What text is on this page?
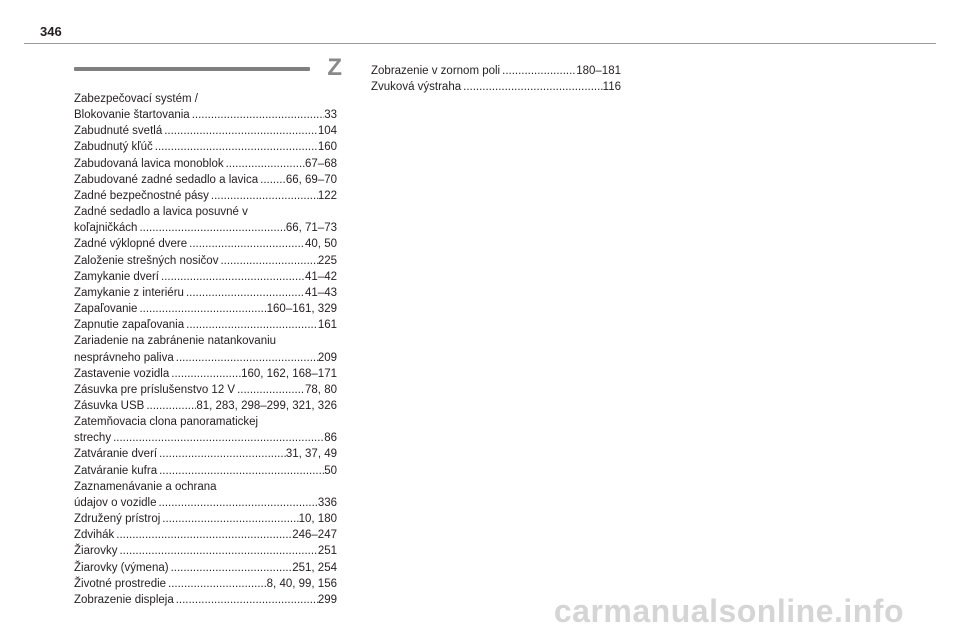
346
Z
Zabezpečovací systém /
Blokovanie štartovania . . .	33
Zabudnuté svetlá . . .	104
Zabudnutý kľúč . . .	160
Zabudovaná lavica monoblok . . .	67–68
Zabudované zadné sedadlo a lavica . . . 66, 69–70
Zadné bezpečnostné pásy . . .	122
Zadné sedadlo a lavica posuvné v
koľajničkách . . .	66, 71–73
Zadné výklopné dvere . . .	40, 50
Založenie strešných nosičov . . .	225
Zamykanie dverí . . .	41–42
Zamykanie z interiéru . . .	41–43
Zapaľovanie . . .	160–161, 329
Zapnutie zapaľovania . . .	161
Zariadenie na zabránenie natankovaniu
nesprávneho paliva . . .	209
Zastavenie vozidla . . .	160, 162, 168–171
Zásuvka pre príslušenstvo 12 V . . .	78, 80
Zásuvka USB . . .	81, 283, 298–299, 321, 326
Zatemňovacia clona panoramatickej
strechy . . .	86
Zatváranie dverí . . .	31, 37, 49
Zatváranie kufra . . .	50
Zaznamenávanie a ochrana
údajov o vozidle . . .	336
Združený prístroj . . .	10, 180
Zdvihák . . .	246–247
Žiarovky . . .	251
Žiarovky (výmena) . . .	251, 254
Životné prostredie . . .	8, 40, 99, 156
Zobrazenie displeja . . .	299
Zobrazenie v zornom poli . . .	180–181
Zvuková výstraha . . .	116
carmanualsonline.info
